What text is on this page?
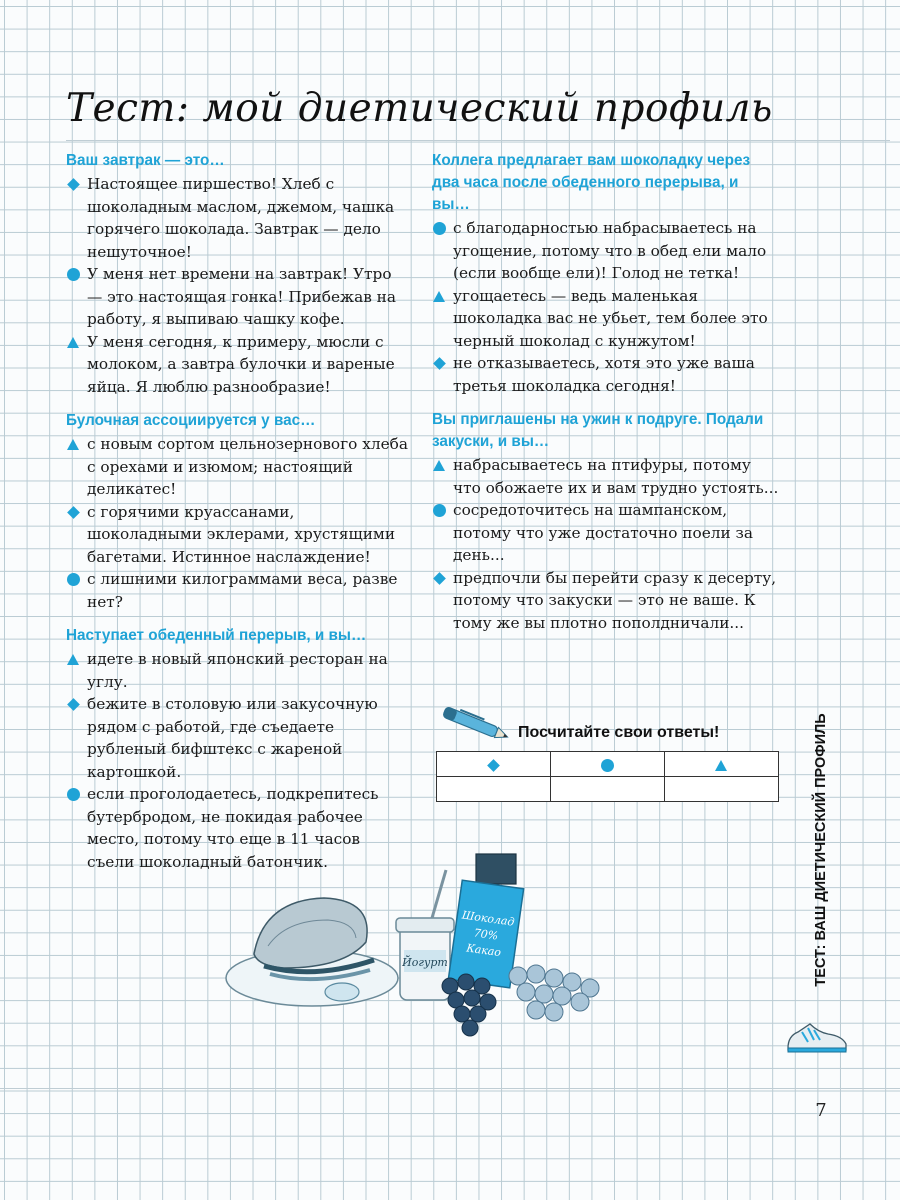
Тест: мой диетический профиль
Ваш завтрак — это…
Настоящее пиршество! Хлеб с шоколадным маслом, джемом, чашка горячего шоколада. Завтрак — дело нешуточное!
У меня нет времени на завтрак! Утро — это настоящая гонка! Прибежав на работу, я выпиваю чашку кофе.
У меня сегодня, к примеру, мюсли с молоком, а завтра булочки и вареные яйца. Я люблю разнообразие!
Булочная ассоциируется у вас…
с новым сортом цельнозернового хлеба с орехами и изюмом; настоящий деликатес!
с горячими круассанами, шоколадными эклерами, хрустящими багетами. Истинное наслаждение!
с лишними килограммами веса, разве нет?
Наступает обеденный перерыв, и вы…
идете в новый японский ресторан на углу.
бежите в столовую или закусочную рядом с работой, где съедаете рубленый бифштекс с жареной картошкой.
если проголодаетесь, подкрепитесь бутербродом, не покидая рабочее место, потому что еще в 11 часов съели шоколадный батончик.
Коллега предлагает вам шоколадку через два часа после обеденного перерыва, и вы…
с благодарностью набрасываетесь на угощение, потому что в обед ели мало (если вообще ели)! Голод не тетка!
угощаетесь — ведь маленькая шоколадка вас не убьет, тем более это черный шоколад с кунжутом!
не отказываетесь, хотя это уже ваша третья шоколадка сегодня!
Вы приглашены на ужин к подруге. Подали закуски, и вы…
набрасываетесь на птифуры, потому что обожаете их и вам трудно устоять...
сосредоточитесь на шампанском, потому что уже достаточно поели за день...
предпочли бы перейти сразу к десерту, потому что закуски — это не ваше. К тому же вы плотно пополдничали...
Посчитайте свои ответы!

Йогурт
Шоколад
70%
Какао	ТЕСТ: ВАШ ДИЕТИЧЕСКИЙ ПРОФИЛЬ
7
